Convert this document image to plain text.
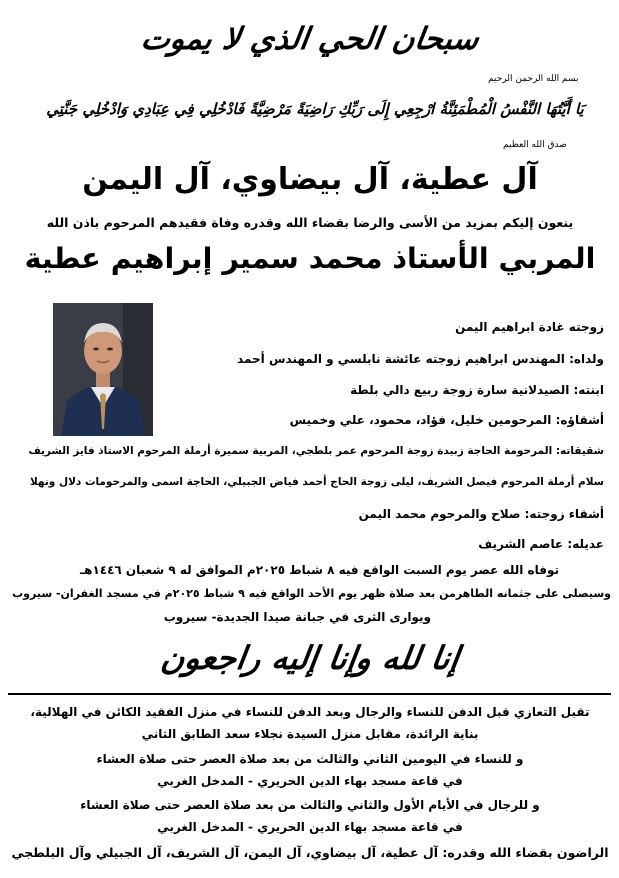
سبحان الحي الذي لا يموت
بسم الله الرحمن الرحيم
يَا أَيَّتُهَا النَّفْسُ الْمُطْمَئِنَّةُ ارْجِعِي إِلَى رَبِّكِ رَاضِيَةً مَرْضِيَّةً فَادْخُلِي فِي عِبَادِي وَادْخُلِي جَنَّتِي
صدق الله العظيم
آل عطية، آل بيضاوي، آل اليمن
ينعون إليكم بمزيد من الأسى والرضا بقضاء الله وقدره وفاة فقيدهم المرحوم باذن الله
المربي الأستاذ محمد سمير إبراهيم عطية
زوجته غادة ابراهيم اليمن
ولداه: المهندس ابراهيم زوجته عائشة نابلسي و المهندس أحمد
ابنته: الصيدلانية سارة زوجة ربيع دالي بلطة
أشقاؤه: المرحومين خليل، فؤاد، محمود، علي وخميس
شقيقاته: المرحومة الحاجة زبيدة زوجة المرحوم عمر بلطجي، المربية سميرة أرملة المرحوم الاستاذ فايز الشريف
سلام أرملة المرحوم فيصل الشريف، ليلى زوجة الحاج أحمد فياض الجبيلي، الحاجة اسمى والمرحومات دلال ونهلا
أشقاء زوجته: صلاح والمرحوم محمد اليمن
عديله: عاصم الشريف
توفاه الله عصر يوم السبت الواقع فيه ٨ شباط ٢٠٢٥م الموافق له ٩ شعبان ١٤٤٦هـ
وسيصلى على جثمانه الطاهرمن بعد صلاة ظهر يوم الأحد الواقع فيه ٩ شباط ٢٠٢٥م في مسجد الغفران- سيروب
ويوارى الثرى في جبانة صيدا الجديدة- سيروب
إنا لله وإنا إليه راجعون
تقبل التعازي قبل الدفن للنساء والرجال وبعد الدفن للنساء في منزل الفقيد الكائن في الهلالية،
بناية الرائدة، مقابل منزل السيدة نجلاء سعد الطابق الثاني
و للنساء في اليومين الثاني والثالث من بعد صلاة العصر حتى صلاة العشاء
في قاعة مسجد بهاء الدين الحريري - المدخل الغربي
و للرجال في الأيام الأول والثاني والثالث من بعد صلاة العصر حتى صلاة العشاء
في قاعة مسجد بهاء الدين الحريري - المدخل الغربي
الراضون بقضاء الله وقدره: آل عطية، آل بيضاوي، آل اليمن، آل الشريف، آل الجبيلي وآل البلطجي
